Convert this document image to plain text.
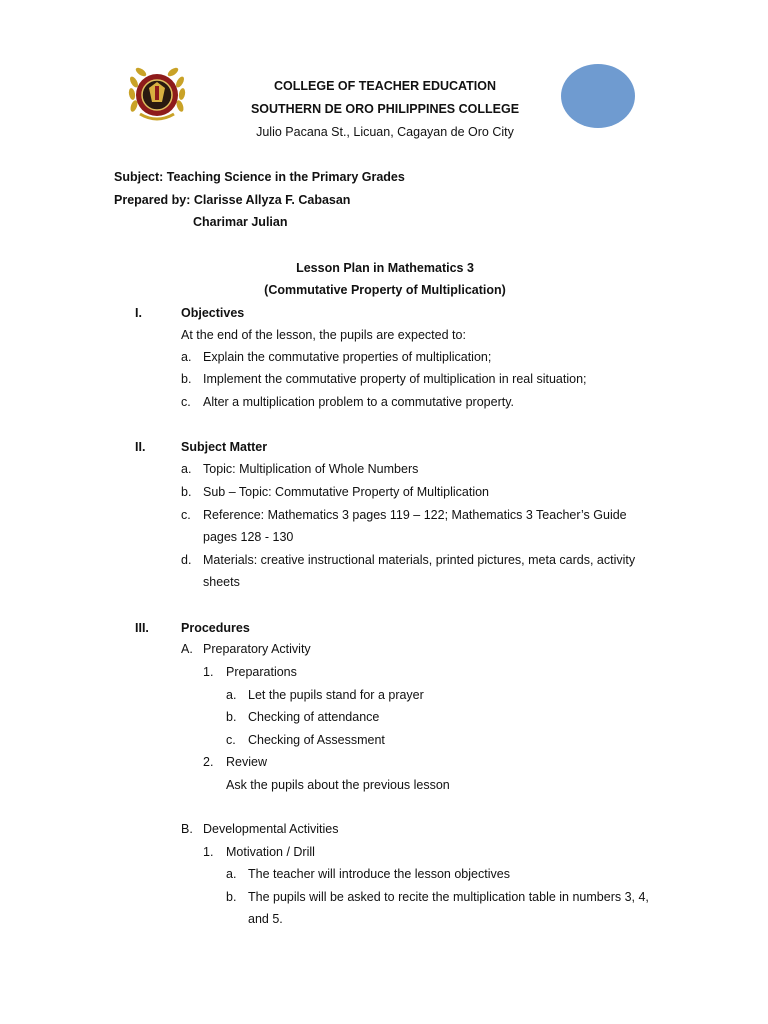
COLLEGE OF TEACHER EDUCATION
SOUTHERN DE ORO PHILIPPINES COLLEGE
Julio Pacana St., Licuan, Cagayan de Oro City
Subject: Teaching Science in the Primary Grades
Prepared by: Clarisse Allyza F. Cabasan
Charimar Julian
Lesson Plan in Mathematics 3
(Commutative Property of Multiplication)
I.	Objectives
At the end of the lesson, the pupils are expected to:
a. Explain the commutative properties of multiplication;
b. Implement the commutative property of multiplication in real situation;
c. Alter a multiplication problem to a commutative property.
II.	Subject Matter
a. Topic: Multiplication of Whole Numbers
b. Sub – Topic: Commutative Property of Multiplication
c. Reference: Mathematics 3 pages 119 – 122; Mathematics 3 Teacher’s Guide
pages 128 - 130
d. Materials: creative instructional materials, printed pictures, meta cards, activity
sheets
III.	Procedures
A. Preparatory Activity
1. Preparations
a. Let the pupils stand for a prayer
b. Checking of attendance
c. Checking of Assessment
2. Review
Ask the pupils about the previous lesson
B. Developmental Activities
1. Motivation / Drill
a. The teacher will introduce the lesson objectives
b. The pupils will be asked to recite the multiplication table in numbers 3, 4,
and 5.
